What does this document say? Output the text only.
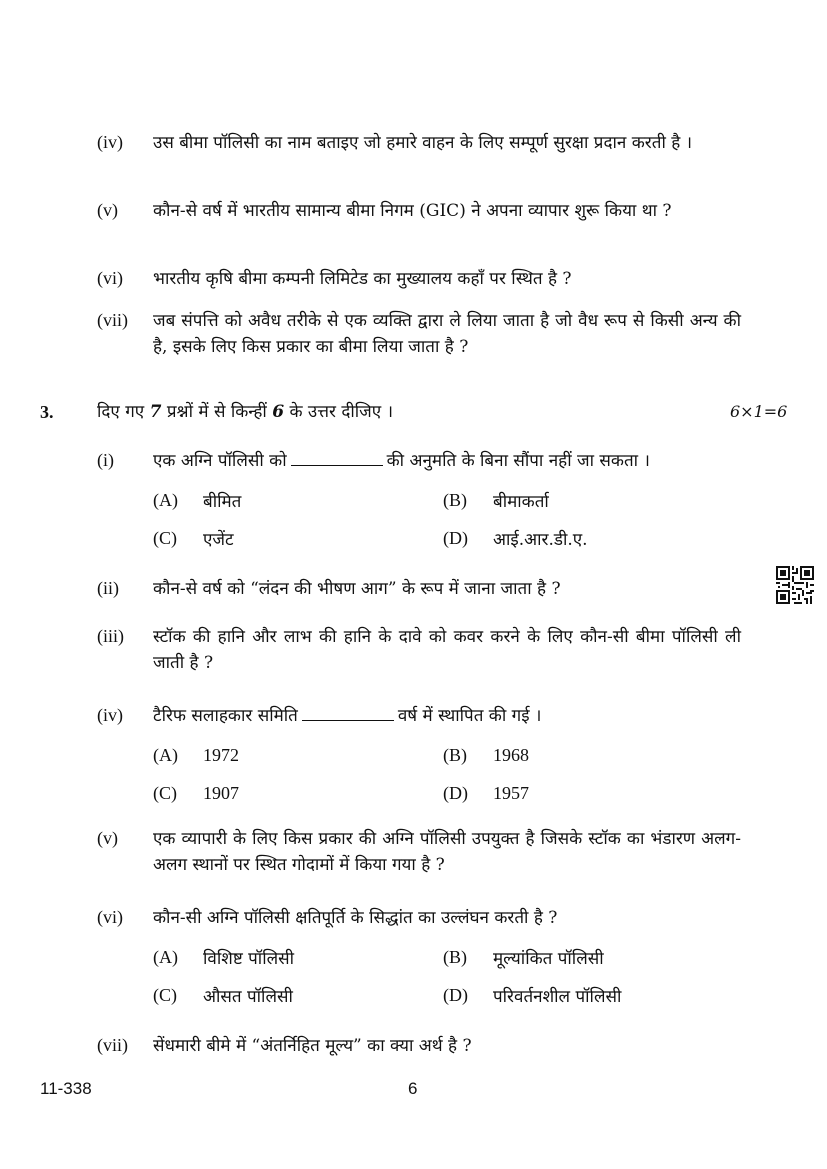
(iv) उस बीमा पॉलिसी का नाम बताइए जो हमारे वाहन के लिए सम्पूर्ण सुरक्षा प्रदान करती है ।
(v) कौन-से वर्ष में भारतीय सामान्य बीमा निगम (GIC) ने अपना व्यापार शुरू किया था ?
(vi) भारतीय कृषि बीमा कम्पनी लिमिटेड का मुख्यालय कहाँ पर स्थित है ?
(vii) जब संपत्ति को अवैध तरीके से एक व्यक्ति द्वारा ले लिया जाता है जो वैध रूप से किसी अन्य की है, इसके लिए किस प्रकार का बीमा लिया जाता है ?
3.	दिए गए 7 प्रश्नों में से किन्हीं 6 के उत्तर दीजिए ।	6×1=6
(i) एक अग्नि पॉलिसी को	की अनुमति के बिना सौंपा नहीं जा सकता ।
(A) बीमित	(B) बीमाकर्ता
(C) एजेंट	(D) आई.आर.डी.ए.
(ii) कौन-से वर्ष को “लंदन की भीषण आग” के रूप में जाना जाता है ?
(iii) स्टॉक की हानि और लाभ की हानि के दावे को कवर करने के लिए कौन-सी बीमा पॉलिसी ली जाती है ?
(iv) टैरिफ सलाहकार समिति	वर्ष में स्थापित की गई ।
(A) 1972	(B) 1968
(C) 1907	(D) 1957
(v) एक व्यापारी के लिए किस प्रकार की अग्नि पॉलिसी उपयुक्त है जिसके स्टॉक का भंडारण अलग-अलग स्थानों पर स्थित गोदामों में किया गया है ?
(vi) कौन-सी अग्नि पॉलिसी क्षतिपूर्ति के सिद्धांत का उल्लंघन करती है ?
(A) विशिष्ट पॉलिसी	(B) मूल्यांकित पॉलिसी
(C) औसत पॉलिसी	(D) परिवर्तनशील पॉलिसी
(vii) सेंधमारी बीमे में “अंतर्निहित मूल्य” का क्या अर्थ है ?
11-338	6
